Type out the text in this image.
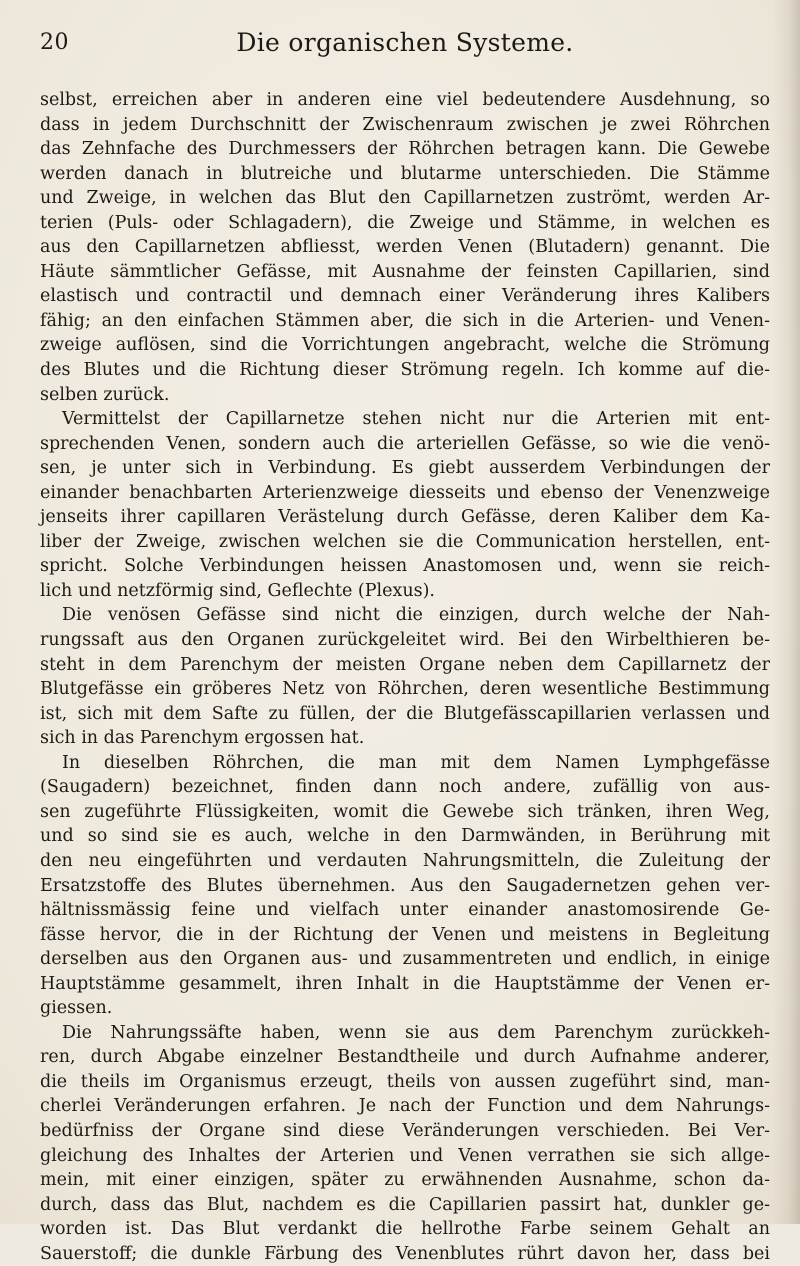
20	Die organischen Systeme.
selbst, erreichen aber in anderen eine viel bedeutendere Ausdehnung, so
dass in jedem Durchschnitt der Zwischenraum zwischen je zwei Röhrchen
das Zehnfache des Durchmessers der Röhrchen betragen kann. Die Gewebe
werden danach in blutreiche und blutarme unterschieden. Die Stämme
und Zweige, in welchen das Blut den Capillarnetzen zuströmt, werden Ar-
terien (Puls- oder Schlagadern), die Zweige und Stämme, in welchen es
aus den Capillarnetzen abfliesst, werden Venen (Blutadern) genannt. Die
Häute sämmtlicher Gefässe, mit Ausnahme der feinsten Capillarien, sind
elastisch und contractil und demnach einer Veränderung ihres Kalibers
fähig; an den einfachen Stämmen aber, die sich in die Arterien- und Venen-
zweige auflösen, sind die Vorrichtungen angebracht, welche die Strömung
des Blutes und die Richtung dieser Strömung regeln. Ich komme auf die-
selben zurück.
Vermittelst der Capillarnetze stehen nicht nur die Arterien mit ent-
sprechenden Venen, sondern auch die arteriellen Gefässe, so wie die venö-
sen, je unter sich in Verbindung. Es giebt ausserdem Verbindungen der
einander benachbarten Arterienzweige diesseits und ebenso der Venenzweige
jenseits ihrer capillaren Verästelung durch Gefässe, deren Kaliber dem Ka-
liber der Zweige, zwischen welchen sie die Communication herstellen, ent-
spricht. Solche Verbindungen heissen Anastomosen und, wenn sie reich-
lich und netzförmig sind, Geflechte (Plexus).
Die venösen Gefässe sind nicht die einzigen, durch welche der Nah-
rungssaft aus den Organen zurückgeleitet wird. Bei den Wirbelthieren be-
steht in dem Parenchym der meisten Organe neben dem Capillarnetz der
Blutgefässe ein gröberes Netz von Röhrchen, deren wesentliche Bestimmung
ist, sich mit dem Safte zu füllen, der die Blutgefässcapillarien verlassen und
sich in das Parenchym ergossen hat.
In dieselben Röhrchen, die man mit dem Namen Lymphgefässe
(Saugadern) bezeichnet, finden dann noch andere, zufällig von aus-
sen zugeführte Flüssigkeiten, womit die Gewebe sich tränken, ihren Weg,
und so sind sie es auch, welche in den Darmwänden, in Berührung mit
den neu eingeführten und verdauten Nahrungsmitteln, die Zuleitung der
Ersatzstoffe des Blutes übernehmen. Aus den Saugadernetzen gehen ver-
hältnissmässig feine und vielfach unter einander anastomosirende Ge-
fässe hervor, die in der Richtung der Venen und meistens in Begleitung
derselben aus den Organen aus- und zusammentreten und endlich, in einige
Hauptstämme gesammelt, ihren Inhalt in die Hauptstämme der Venen er-
giessen.
Die Nahrungssäfte haben, wenn sie aus dem Parenchym zurückkeh-
ren, durch Abgabe einzelner Bestandtheile und durch Aufnahme anderer,
die theils im Organismus erzeugt, theils von aussen zugeführt sind, man-
cherlei Veränderungen erfahren. Je nach der Function und dem Nahrungs-
bedürfniss der Organe sind diese Veränderungen verschieden. Bei Ver-
gleichung des Inhaltes der Arterien und Venen verrathen sie sich allge-
mein, mit einer einzigen, später zu erwähnenden Ausnahme, schon da-
durch, dass das Blut, nachdem es die Capillarien passirt hat, dunkler ge-
worden ist. Das Blut verdankt die hellrothe Farbe seinem Gehalt an
Sauerstoff; die dunkle Färbung des Venenblutes rührt davon her, dass bei
